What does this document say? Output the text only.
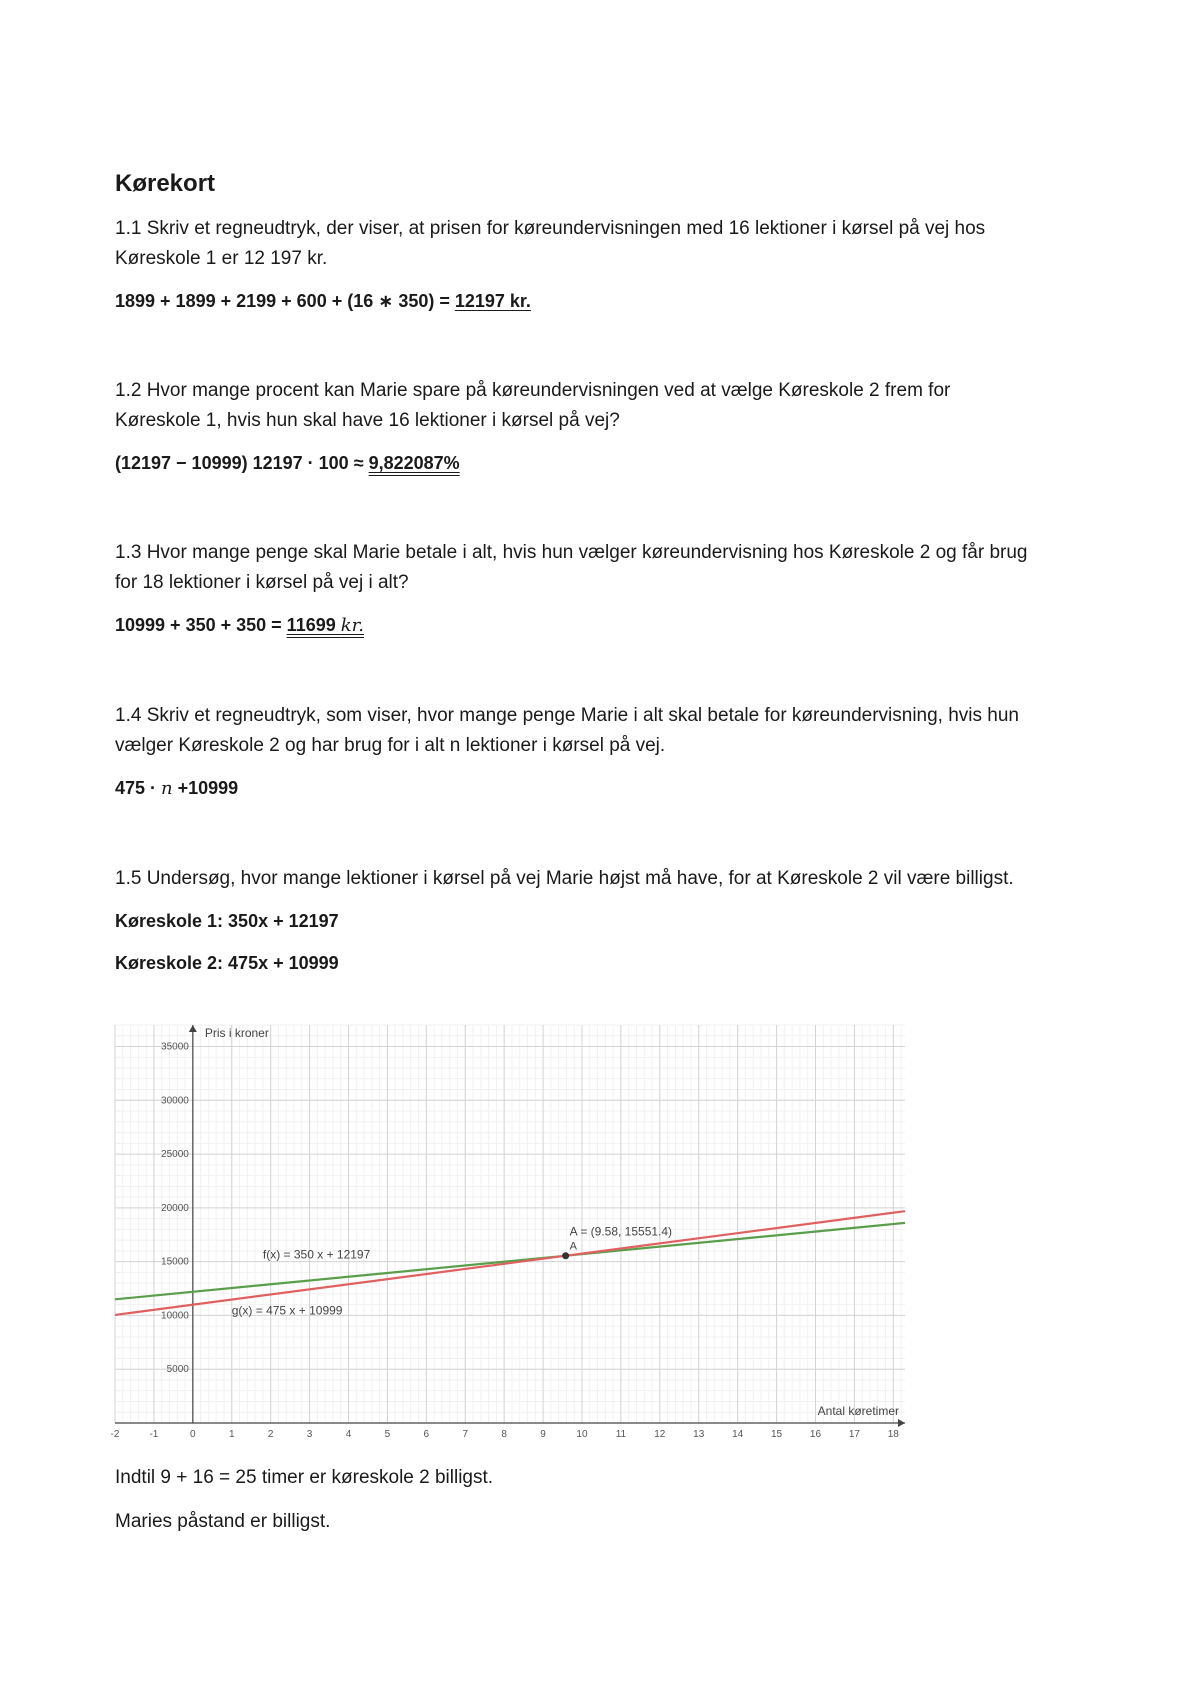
Kørekort
1.1 Skriv et regneudtryk, der viser, at prisen for køreundervisningen med 16 lektioner i kørsel på vej hos
Køreskole 1 er 12 197 kr.
1899 + 1899 + 2199 + 600 + (16 ∗ 350) = 12197 kr.
1.2 Hvor mange procent kan Marie spare på køreundervisningen ved at vælge Køreskole 2 frem for
Køreskole 1, hvis hun skal have 16 lektioner i kørsel på vej?
(12197 − 10999) 12197 · 100 ≈ 9,822087%
1.3 Hvor mange penge skal Marie betale i alt, hvis hun vælger køreundervisning hos Køreskole 2 og får brug
for 18 lektioner i kørsel på vej i alt?
10999 + 350 + 350 = 11699 kr.
1.4 Skriv et regneudtryk, som viser, hvor mange penge Marie i alt skal betale for køreundervisning, hvis hun
vælger Køreskole 2 og har brug for i alt n lektioner i kørsel på vej.
475 · n +10999
1.5 Undersøg, hvor mange lektioner i kørsel på vej Marie højst må have, for at Køreskole 2 vil være billigst.
Køreskole 1: 350x + 12197
Køreskole 2: 475x + 10999
-2	-1	0	1	2	3	4	5	6	7	8	9	10	11	12	13	14	15	16	17	18
5000
10000
15000
20000
25000
30000
35000
Pris i kroner
Antal køretimer
f(x) = 350 x + 12197
g(x) = 475 x + 10999
A
A = (9.58, 15551.4)
Indtil 9 + 16 = 25 timer er køreskole 2 billigst.
Maries påstand er billigst.
